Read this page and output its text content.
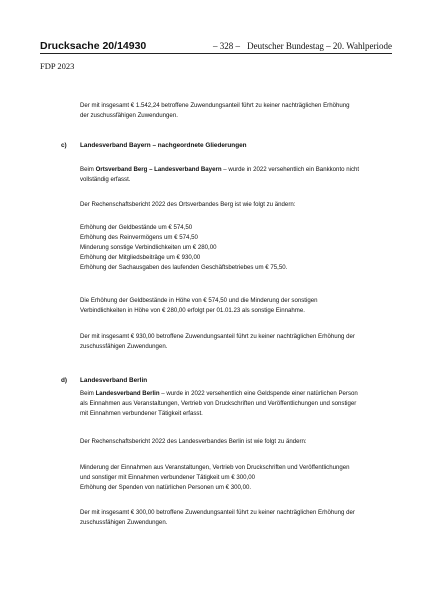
Drucksache 20/14930	– 328 – Deutscher Bundestag – 20. Wahlperiode
FDP 2023
Der mit insgesamt € 1.542,24 betroffene Zuwendungsanteil führt zu keiner nachträglichen Erhöhung
der zuschussfähigen Zuwendungen.
c) Landesverband Bayern – nachgeordnete Gliederungen
Beim Ortsverband Berg – Landesverband Bayern – wurde in 2022 versehentlich ein Bankkonto nicht
vollständig erfasst.
Der Rechenschaftsbericht 2022 des Ortsverbandes Berg ist wie folgt zu ändern:
Erhöhung der Geldbestände um € 574,50
Erhöhung des Reinvermögens um € 574,50
Minderung sonstige Verbindlichkeiten um € 280,00
Erhöhung der Mitgliedsbeiträge um € 930,00
Erhöhung der Sachausgaben des laufenden Geschäftsbetriebes um € 75,50.
Die Erhöhung der Geldbestände in Höhe von € 574,50 und die Minderung der sonstigen
Verbindlichkeiten in Höhe von € 280,00 erfolgt per 01.01.23 als sonstige Einnahme.
Der mit insgesamt € 930,00 betroffene Zuwendungsanteil führt zu keiner nachträglichen Erhöhung der
zuschussfähigen Zuwendungen.
d) Landesverband Berlin
Beim Landesverband Berlin – wurde in 2022 versehentlich eine Geldspende einer natürlichen Person
als Einnahmen aus Veranstaltungen, Vertrieb von Druckschriften und Veröffentlichungen und sonstiger
mit Einnahmen verbundener Tätigkeit erfasst.
Der Rechenschaftsbericht 2022 des Landesverbandes Berlin ist wie folgt zu ändern:
Minderung der Einnahmen aus Veranstaltungen, Vertrieb von Druckschriften und Veröffentlichungen
und sonstiger mit Einnahmen verbundener Tätigkeit um € 300,00
Erhöhung der Spenden von natürlichen Personen um € 300,00.
Der mit insgesamt € 300,00 betroffene Zuwendungsanteil führt zu keiner nachträglichen Erhöhung der
zuschussfähigen Zuwendungen.
